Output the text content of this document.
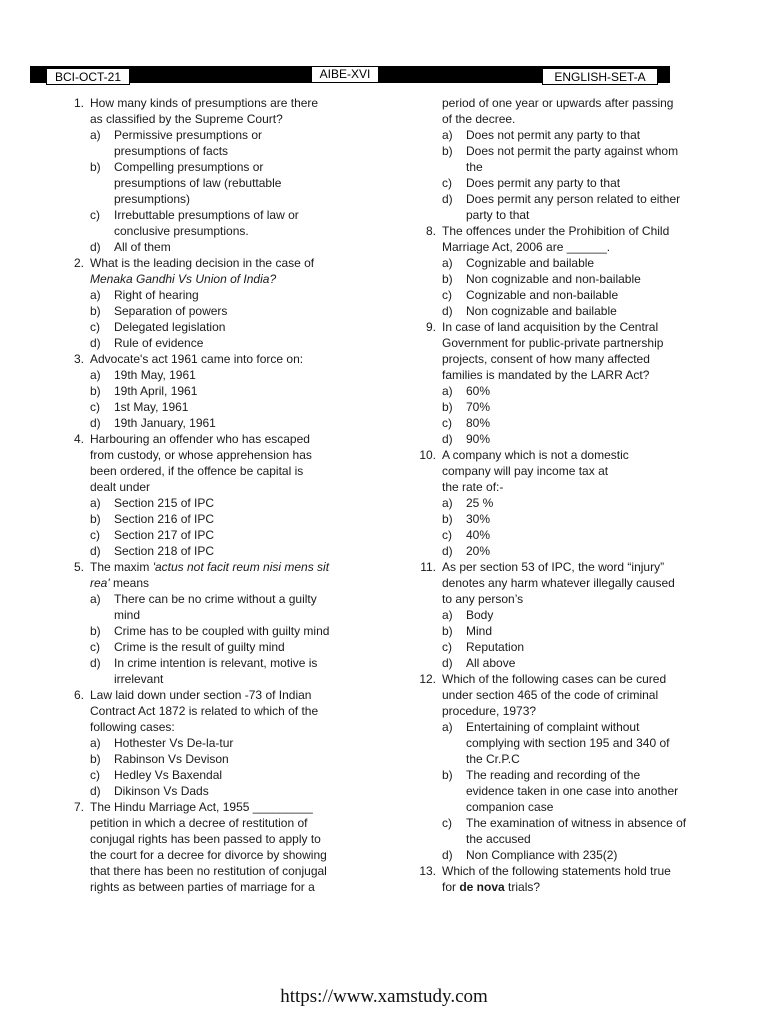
BCI-OCT-21	AIBE-XVI	ENGLISH-SET-A
1. How many kinds of presumptions are there
as classified by the Supreme Court?
a) Permissive presumptions or
presumptions of facts
b) Compelling presumptions or
presumptions of law (rebuttable
presumptions)
c) Irrebuttable presumptions of law or
conclusive presumptions.
d) All of them
2. What is the leading decision in the case of
Menaka Gandhi Vs Union of India?
a) Right of hearing
b) Separation of powers
c) Delegated legislation
d) Rule of evidence
3. Advocate's act 1961 came into force on:
a) 19th May, 1961
b) 19th April, 1961
c) 1st May, 1961
d) 19th January, 1961
4. Harbouring an offender who has escaped
from custody, or whose apprehension has
been ordered, if the offence be capital is
dealt under
a) Section 215 of IPC
b) Section 216 of IPC
c) Section 217 of IPC
d) Section 218 of IPC
5. The maxim 'actus not facit reum nisi mens sit
rea' means
a) There can be no crime without a guilty
mind
b) Crime has to be coupled with guilty mind
c) Crime is the result of guilty mind
d) In crime intention is relevant, motive is
irrelevant
6. Law laid down under section -73 of Indian
Contract Act 1872 is related to which of the
following cases:
a) Hothester Vs De-la-tur
b) Rabinson Vs Devison
c) Hedley Vs Baxendal
d) Dikinson Vs Dads
7. The Hindu Marriage Act, 1955 _________
petition in which a decree of restitution of
conjugal rights has been passed to apply to
the court for a decree for divorce by showing
that there has been no restitution of conjugal
rights as between parties of marriage for a
period of one year or upwards after passing
of the decree.
a) Does not permit any party to that
b) Does not permit the party against whom
the
c) Does permit any party to that
d) Does permit any person related to either
party to that
8. The offences under the Prohibition of Child
Marriage Act, 2006 are ______.
a) Cognizable and bailable
b) Non cognizable and non-bailable
c) Cognizable and non-bailable
d) Non cognizable and bailable
9. In case of land acquisition by the Central
Government for public-private partnership
projects, consent of how many affected
families is mandated by the LARR Act?
a) 60%
b) 70%
c) 80%
d) 90%
10. A company which is not a domestic
company will pay income tax at
the rate of:-
a) 25 %
b) 30%
c) 40%
d) 20%
11. As per section 53 of IPC, the word “injury”
denotes any harm whatever illegally caused
to any person’s
a) Body
b) Mind
c) Reputation
d) All above
12. Which of the following cases can be cured
under section 465 of the code of criminal
procedure, 1973?
a) Entertaining of complaint without
complying with section 195 and 340 of
the Cr.P.C
b) The reading and recording of the
evidence taken in one case into another
companion case
c) The examination of witness in absence of
the accused
d) Non Compliance with 235(2)
13. Which of the following statements hold true
for de nova trials?
https://www.xamstudy.com
